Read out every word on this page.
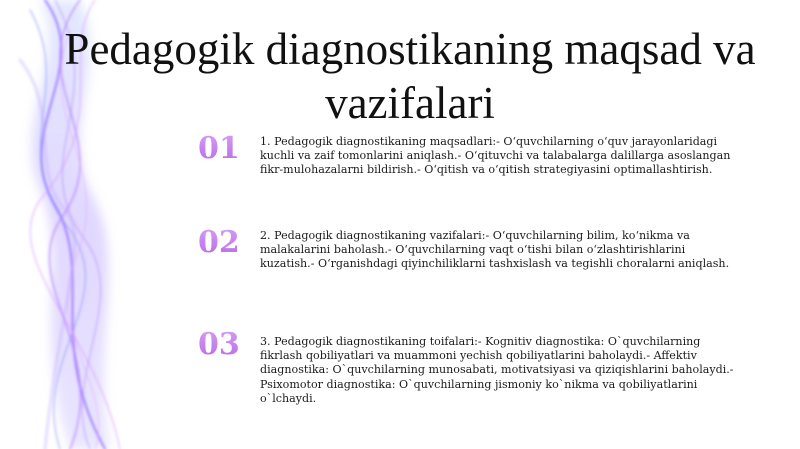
Pedagogik diagnostikaning maqsad va vazifalari
01	1. Pedagogik diagnostikaning maqsadlari:- O‘quvchilarning o‘quv jarayonlaridagi kuchli va zaif tomonlarini aniqlash.- O‘qituvchi va talabalarga dalillarga asoslangan fikr-mulohazalarni bildirish.- O‘qitish va o‘qitish strategiyasini optimallashtirish.
02	2. Pedagogik diagnostikaning vazifalari:- O‘quvchilarning bilim, ko‘nikma va malakalarini baholash.- O‘quvchilarning vaqt o‘tishi bilan o‘zlashtirishlarini kuzatish.- O‘rganishdagi qiyinchiliklarni tashxislash va tegishli choralarni aniqlash.
03	3. Pedagogik diagnostikaning toifalari:- Kognitiv diagnostika: O`quvchilarning fikrlash qobiliyatlari va muammoni yechish qobiliyatlarini baholaydi.- Affektiv diagnostika: O`quvchilarning munosabati, motivatsiyasi va qiziqishlarini baholaydi.- Psixomotor diagnostika: O`quvchilarning jismoniy ko`nikma va qobiliyatlarini o`lchaydi.
